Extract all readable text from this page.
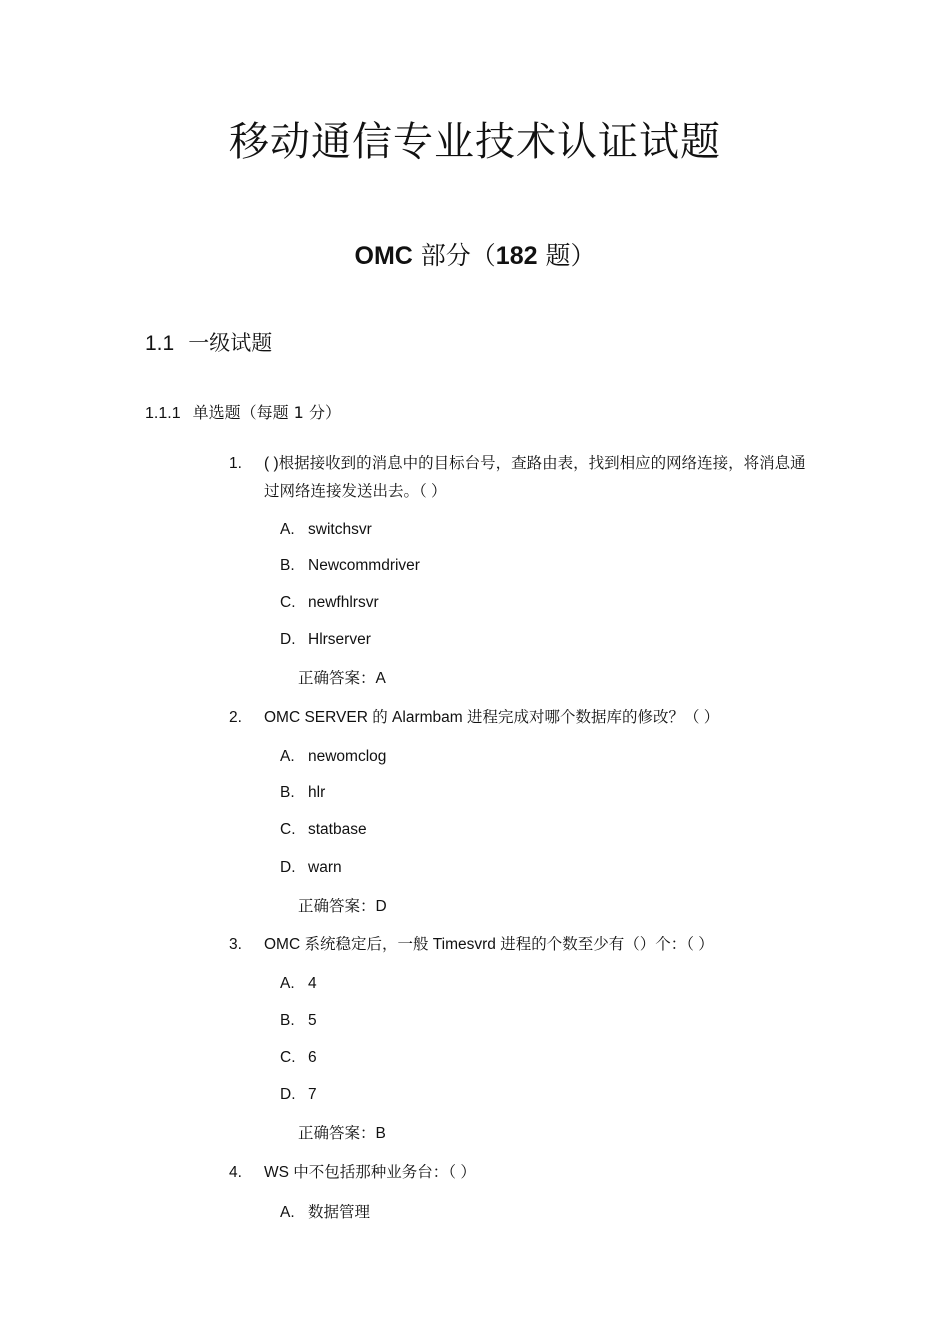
移动通信专业技术认证试题
OMC 部分（182 题）
1.1 一级试题
1.1.1 单选题（每题 1 分）
1. ( )根据接收到的消息中的目标台号，查路由表，找到相应的网络连接，将消息通过网络连接发送出去。（ ）
A. switchsvr
B. Newcommdriver
C. newfhlrsvr
D. Hlrserver
正确答案：A
2. OMC SERVER 的 Alarmbam 进程完成对哪个数据库的修改？（ ）
A. newomclog
B. hlr
C. statbase
D. warn
正确答案：D
3. OMC 系统稳定后，一般 Timesvrd 进程的个数至少有（）个：（ ）
A. 4
B. 5
C. 6
D. 7
正确答案：B
4. WS 中不包括那种业务台：（ ）
A. 数据管理
